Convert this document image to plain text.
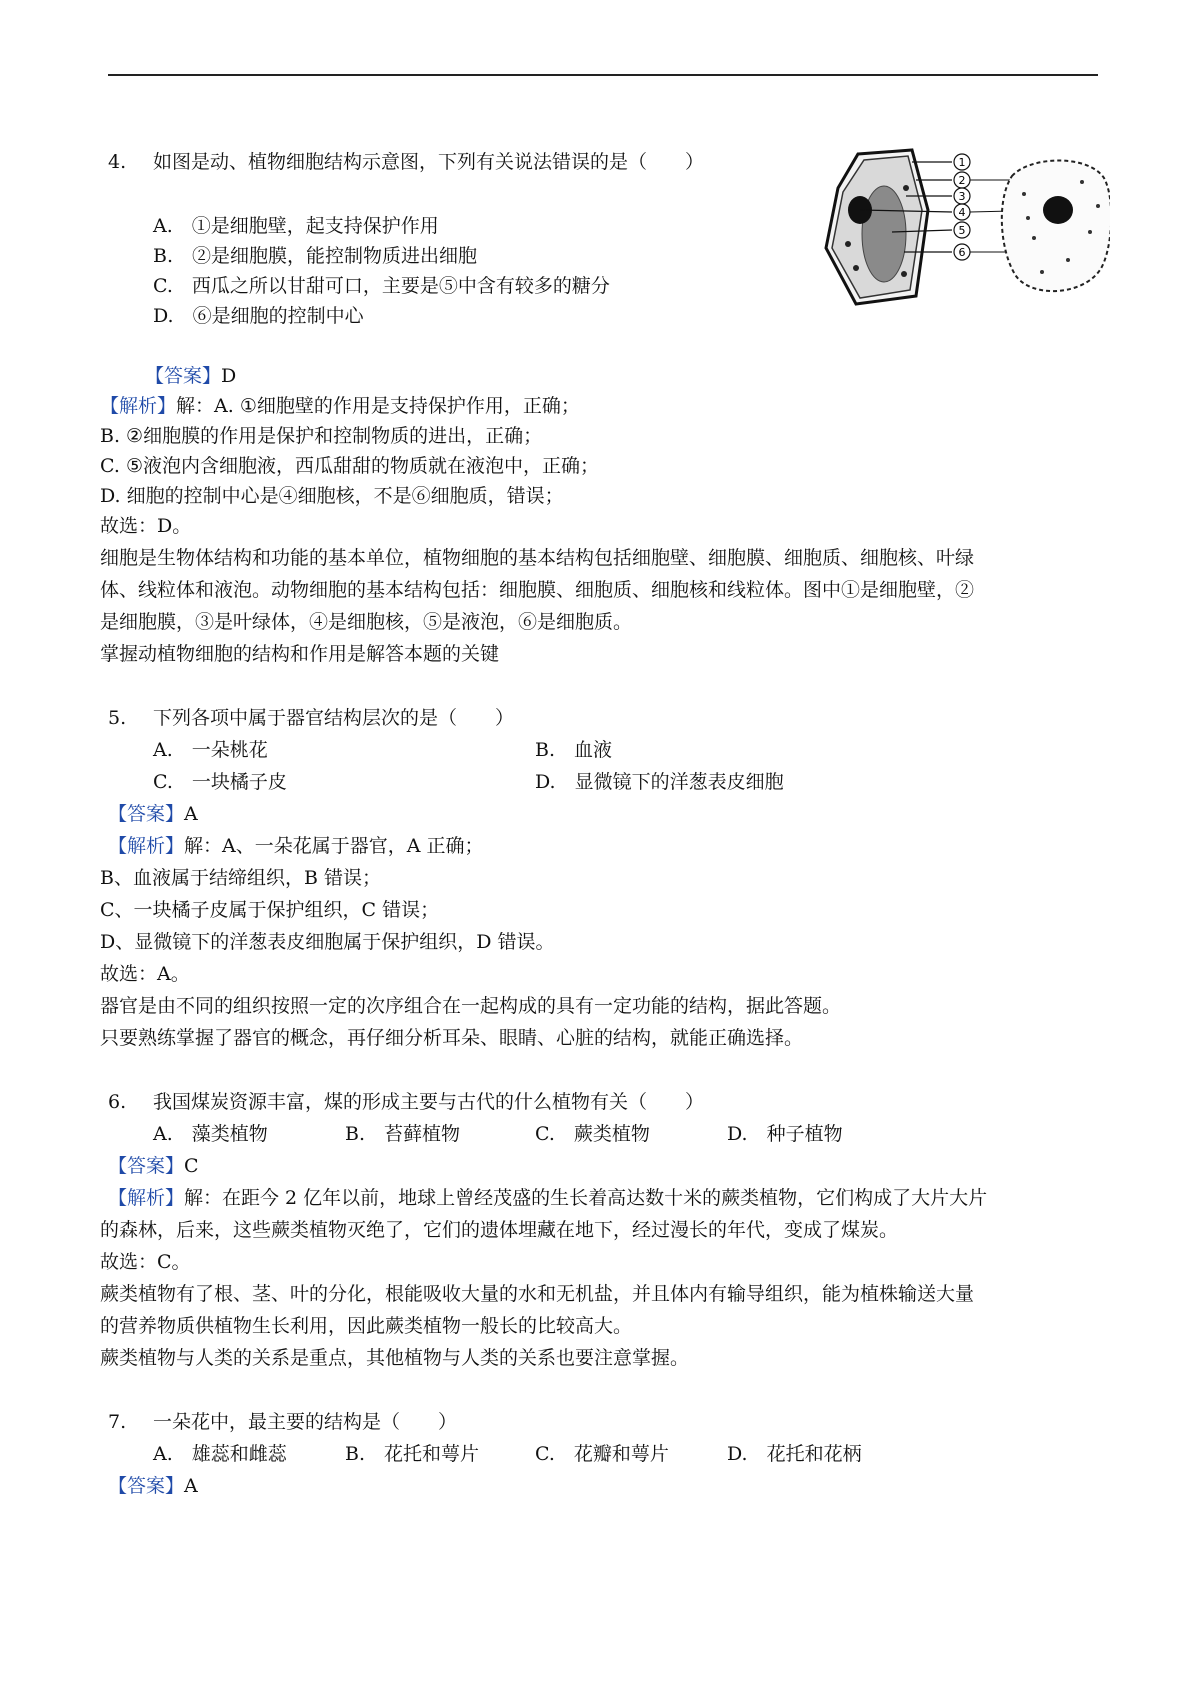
4. 如图是动、植物细胞结构示意图，下列有关说法错误的是（　　）	1
2
3
4
5
6
A.　①是细胞壁，起支持保护作用
B.　②是细胞膜，能控制物质进出细胞
C.　西瓜之所以甘甜可口，主要是⑤中含有较多的糖分
D.　⑥是细胞的控制中心
【答案】D
【解析】解：A. ①细胞壁的作用是支持保护作用，正确；
B. ②细胞膜的作用是保护和控制物质的进出，正确；
C. ⑤液泡内含细胞液，西瓜甜甜的物质就在液泡中，正确；
D. 细胞的控制中心是④细胞核，不是⑥细胞质，错误；
故选：D。
细胞是生物体结构和功能的基本单位，植物细胞的基本结构包括细胞壁、细胞膜、细胞质、细胞核、叶绿
体、线粒体和液泡。动物细胞的基本结构包括：细胞膜、细胞质、细胞核和线粒体。图中①是细胞壁，②
是细胞膜，③是叶绿体，④是细胞核，⑤是液泡，⑥是细胞质。
掌握动植物细胞的结构和作用是解答本题的关键
5. 下列各项中属于器官结构层次的是（　　）
A.　一朵桃花	B.　血液
C.　一块橘子皮	D.　显微镜下的洋葱表皮细胞
【答案】A
【解析】解：A、一朵花属于器官，A 正确；
B、血液属于结缔组织，B 错误；
C、一块橘子皮属于保护组织，C 错误；
D、显微镜下的洋葱表皮细胞属于保护组织，D 错误。
故选：A。
器官是由不同的组织按照一定的次序组合在一起构成的具有一定功能的结构，据此答题。
只要熟练掌握了器官的概念，再仔细分析耳朵、眼睛、心脏的结构，就能正确选择。
6. 我国煤炭资源丰富，煤的形成主要与古代的什么植物有关（　　）
A.　藻类植物	B.　苔藓植物	C.　蕨类植物	D.　种子植物
【答案】C
【解析】解：在距今 2 亿年以前，地球上曾经茂盛的生长着高达数十米的蕨类植物，它们构成了大片大片
的森林，后来，这些蕨类植物灭绝了，它们的遗体埋藏在地下，经过漫长的年代，变成了煤炭。
故选：C。
蕨类植物有了根、茎、叶的分化，根能吸收大量的水和无机盐，并且体内有输导组织，能为植株输送大量
的营养物质供植物生长利用，因此蕨类植物一般长的比较高大。
蕨类植物与人类的关系是重点，其他植物与人类的关系也要注意掌握。
7. 一朵花中，最主要的结构是（　　）
A.　雄蕊和雌蕊	B.　花托和萼片	C.　花瓣和萼片	D.　花托和花柄
【答案】A
